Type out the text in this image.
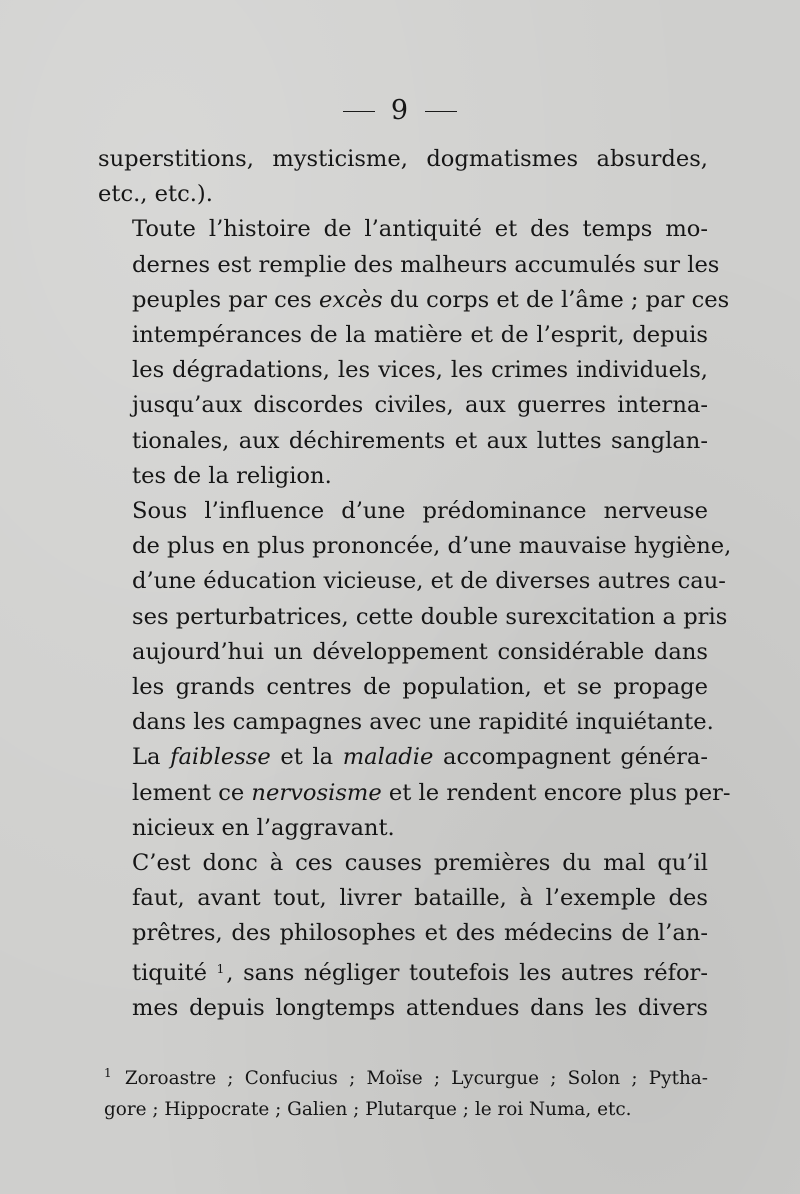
9

superstitions, mysticisme, dogmatismes absurdes,
etc., etc.).

Toute l’histoire de l’antiquité et des temps mo-
dernes est remplie des malheurs accumulés sur les
peuples par ces excès du corps et de l’âme ; par ces
intempérances de la matière et de l’esprit, depuis
les dégradations, les vices, les crimes individuels,
jusqu’aux discordes civiles, aux guerres interna-
tionales, aux déchirements et aux luttes sanglan-
tes de la religion.

Sous l’influence d’une prédominance nerveuse
de plus en plus prononcée, d’une mauvaise hygiène,
d’une éducation vicieuse, et de diverses autres cau-
ses perturbatrices, cette double surexcitation a pris
aujourd’hui un développement considérable dans
les grands centres de population, et se propage
dans les campagnes avec une rapidité inquiétante.

La faiblesse et la maladie accompagnent généra-
lement ce nervosisme et le rendent encore plus per-
nicieux en l’aggravant.

C’est donc à ces causes premières du mal qu’il
faut, avant tout, livrer bataille, à l’exemple des
prêtres, des philosophes et des médecins de l’an-
tiquité $^1$, sans négliger toutefois les autres réfor-
mes depuis longtemps attendues dans les divers

$^1$ Zoroastre ; Confucius ; Moïse ; Lycurgue ; Solon ; Pytha-
gore ; Hippocrate ; Galien ; Plutarque ; le roi Numa, etc.
